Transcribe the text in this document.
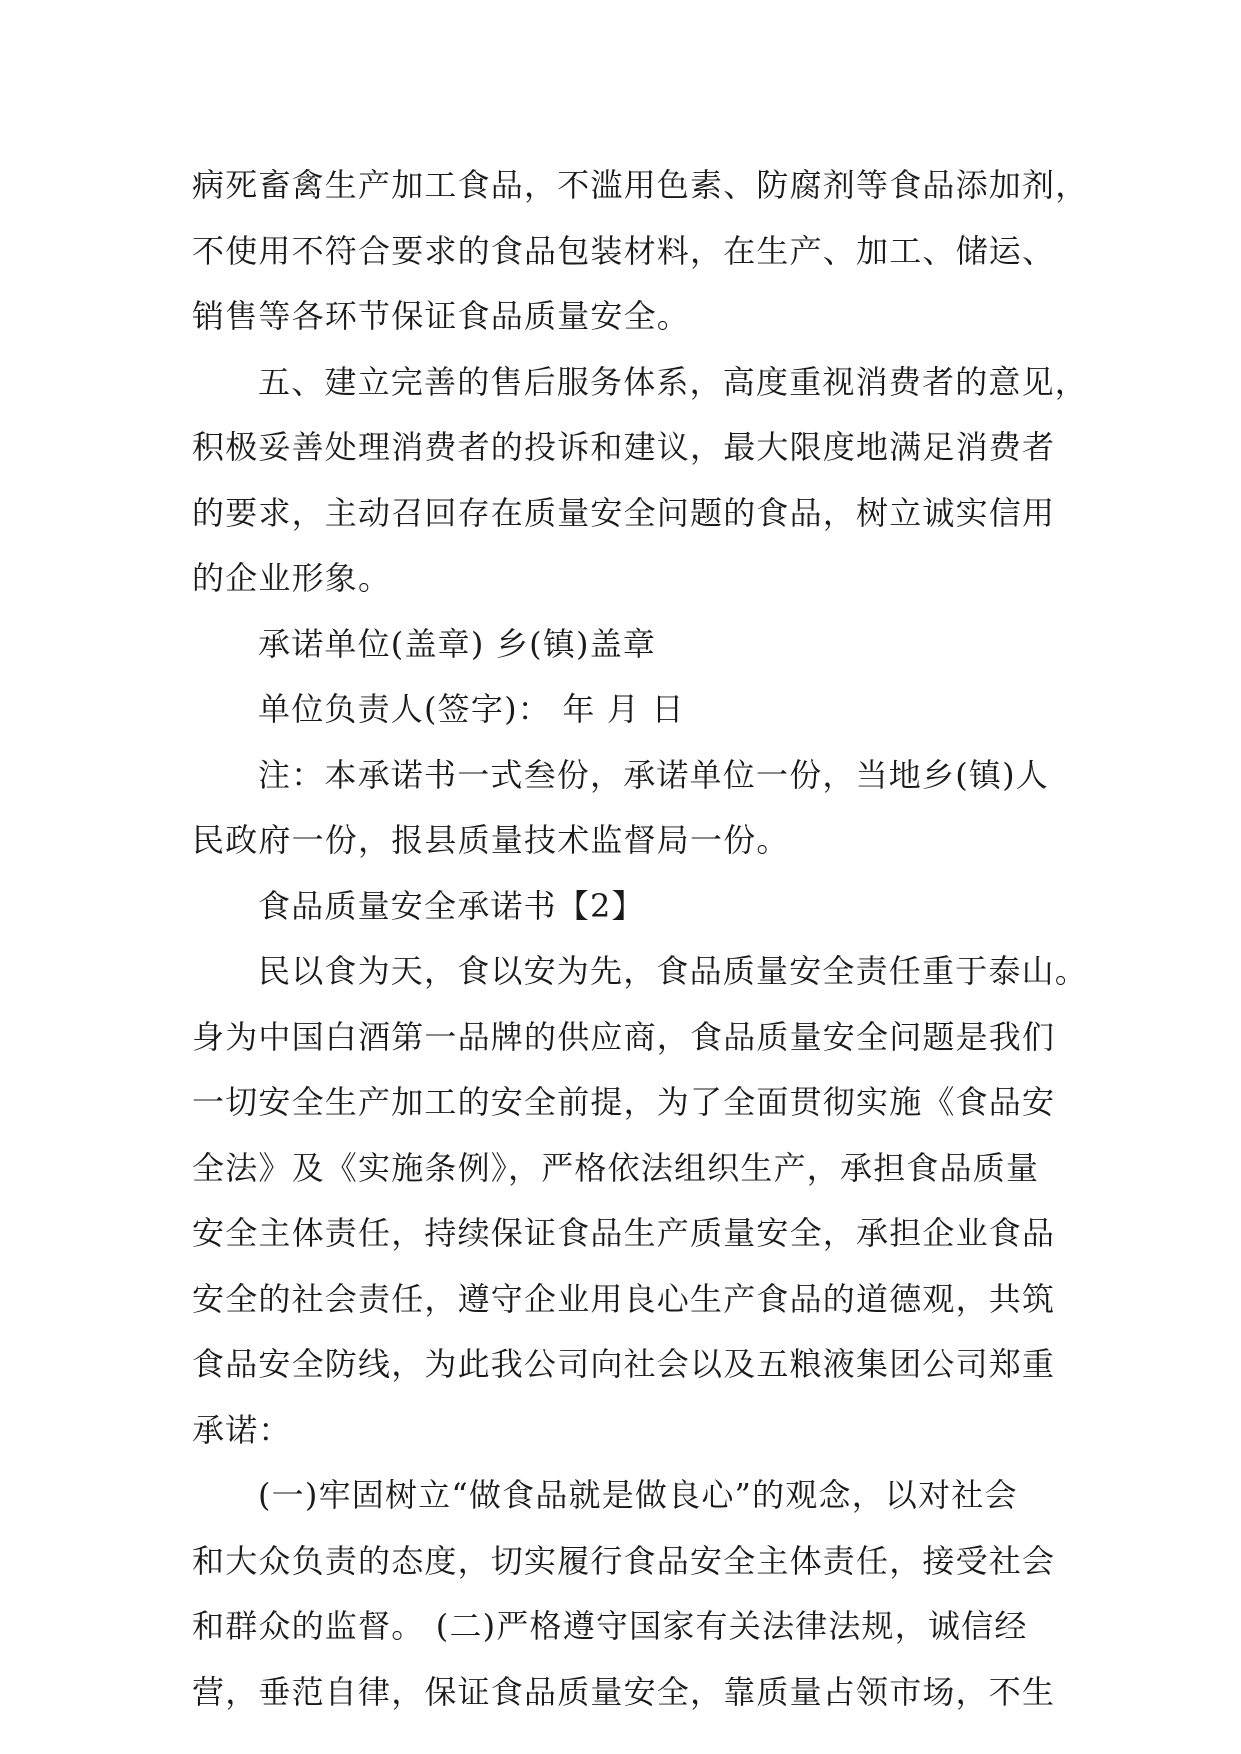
病死畜禽生产加工食品，不滥用色素、防腐剂等食品添加剂，
不使用不符合要求的食品包装材料，在生产、加工、储运、
销售等各环节保证食品质量安全。
五、建立完善的售后服务体系，高度重视消费者的意见，
积极妥善处理消费者的投诉和建议，最大限度地满足消费者
的要求，主动召回存在质量安全问题的食品，树立诚实信用
的企业形象。
承诺单位(盖章) 乡(镇)盖章
单位负责人(签字)： 年 月 日
注：本承诺书一式叁份，承诺单位一份，当地乡(镇)人
民政府一份，报县质量技术监督局一份。
食品质量安全承诺书【2】
民以食为天，食以安为先，食品质量安全责任重于泰山。
身为中国白酒第一品牌的供应商，食品质量安全问题是我们
一切安全生产加工的安全前提，为了全面贯彻实施《食品安
全法》及《实施条例》，严格依法组织生产，承担食品质量
安全主体责任，持续保证食品生产质量安全，承担企业食品
安全的社会责任，遵守企业用良心生产食品的道德观，共筑
食品安全防线，为此我公司向社会以及五粮液集团公司郑重
承诺：
(一)牢固树立“做食品就是做良心”的观念，以对社会
和大众负责的态度，切实履行食品安全主体责任，接受社会
和群众的监督。 (二)严格遵守国家有关法律法规，诚信经
营，垂范自律，保证食品质量安全，靠质量占领市场，不生
